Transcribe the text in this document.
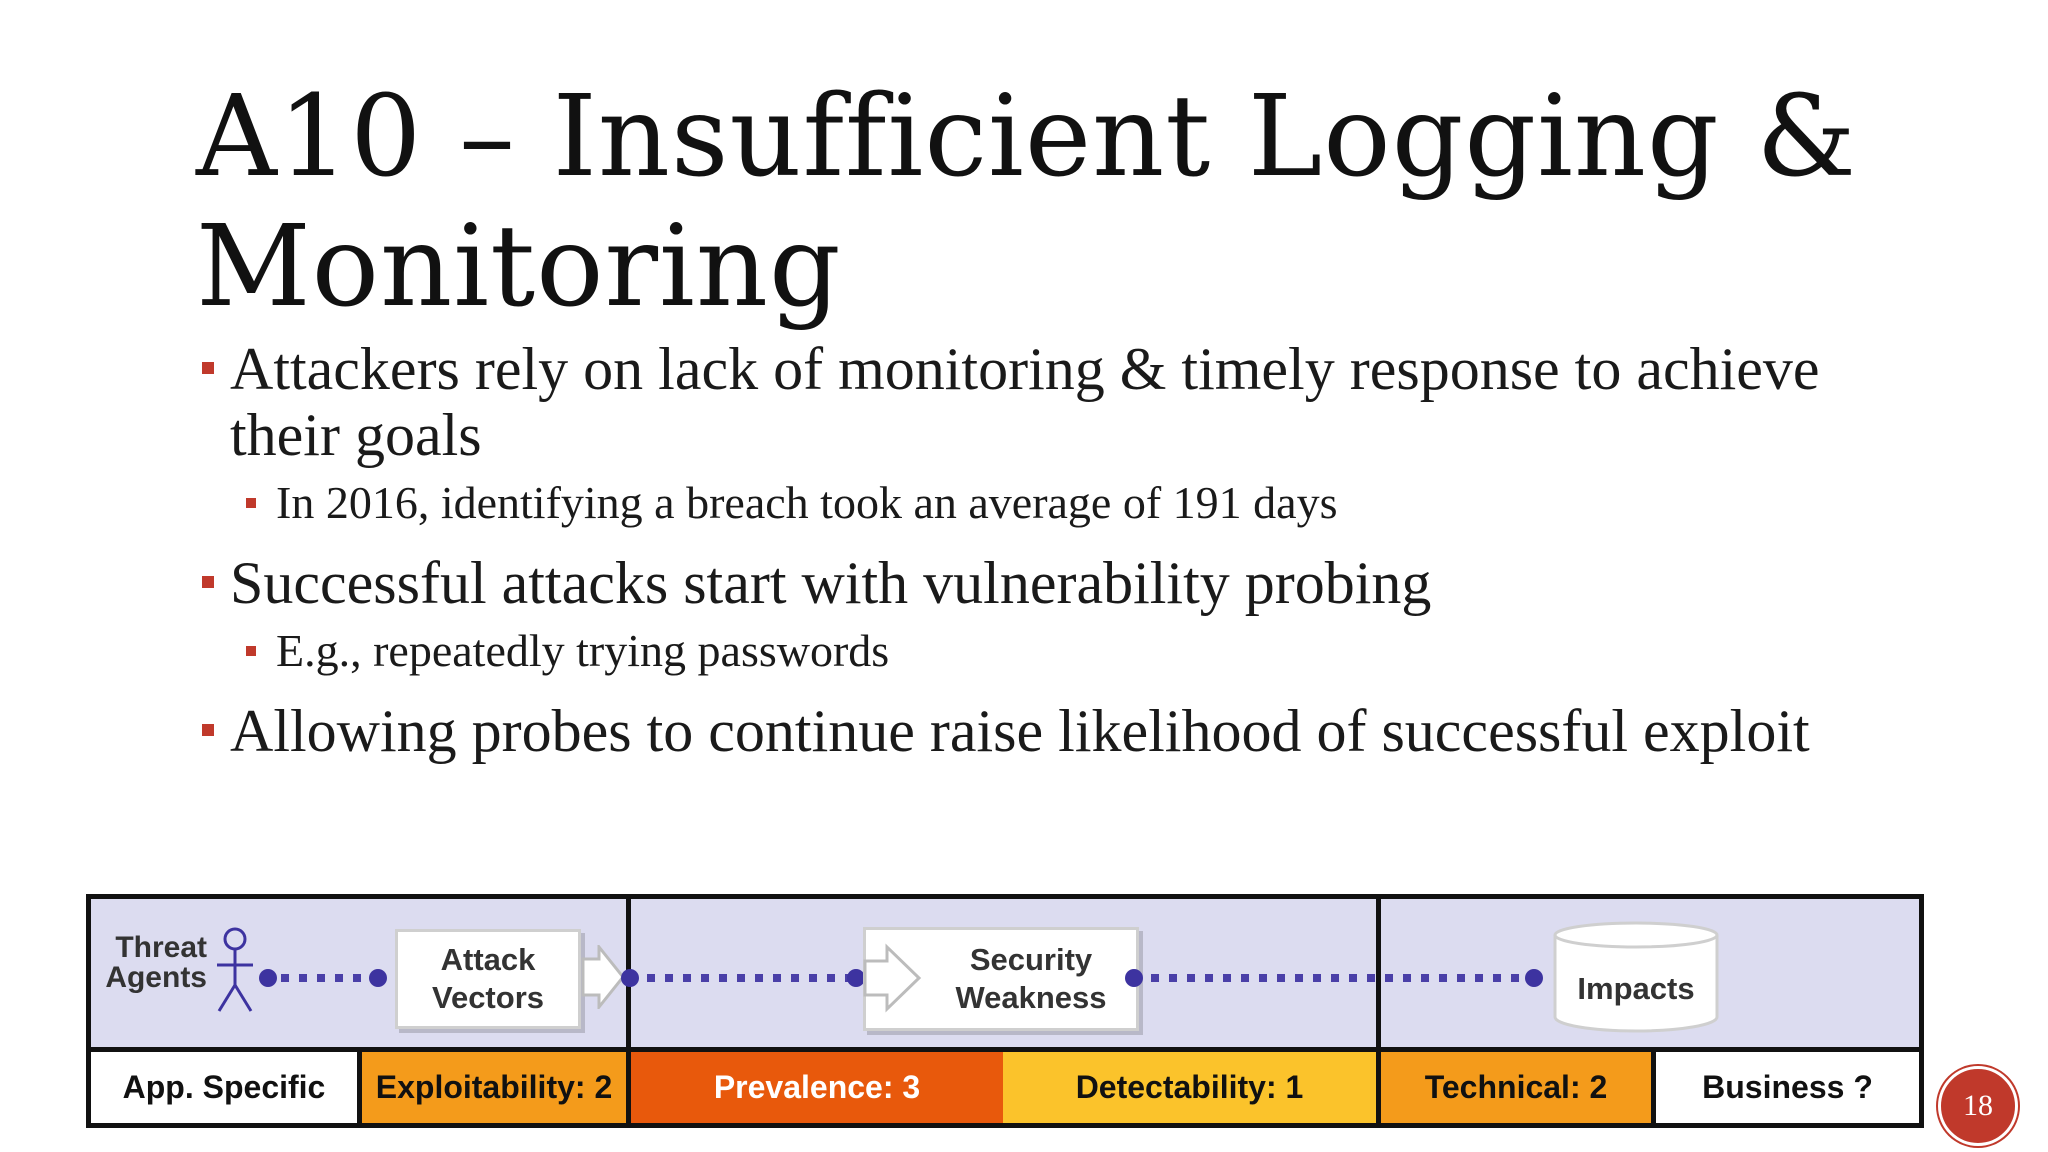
A10 – Insufficient Logging &
Monitoring
Attackers rely on lack of monitoring & timely response to achieve their goals
In 2016, identifying a breach took an average of 191 days
Successful attacks start with vulnerability probing
E.g., repeatedly trying passwords
Allowing probes to continue raise likelihood of successful exploit
Threat Agents
Attack Vectors
Security Weakness	Impacts
App. Specific	Exploitability: 2	Prevalence: 3	Detectability: 1	Technical: 2	Business ?
18
